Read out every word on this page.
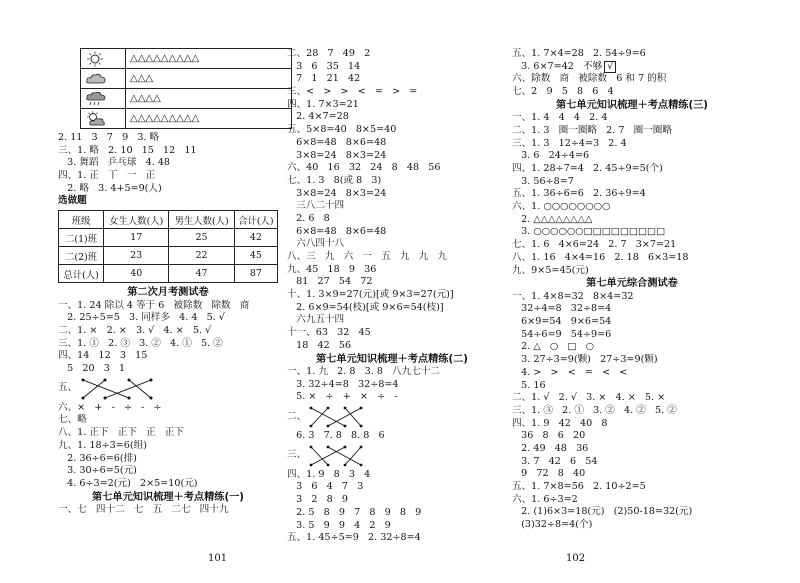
	△△△△△△△△△

	△△△

	△△△△

	△△△△△△△△△
2. 11   3   7   9   3. 略
三、1. 略   2. 10   15   12   11
3. 舞蹈   乒乓球   4. 48
四、1. 正   丅   一   正
2. 略   3. 4+5=9(人)
选做题
班级	女生人数(人)	男生人数(人)	合计(人)
二(1)班	17	25	42
二(2)班	23	22	45
总计(人)	40	47	87
第二次月考测试卷
一、1. 24 除以 4 等于 6   被除数   除数   商
2. 25÷5=5   3. 同样多   4. 4   5. √
二、1. ×   2. ×   3. √   4. ×   5. √
三、1. ①   2. ③   3. ②   4. ①   5. ②
四、14   12   3   15
5   20   3   1
五、
六、×   +   -   ÷   -   ÷
七、略
八、1. 正下   正下   正   正下
九、1. 18÷3=6(组)
2. 36÷6=6(排)
3. 30÷6=5(元)
4. 6÷3=2(元)   2×5=10(元)
第七单元知识梳理＋考点精练(一)
一、七   四十二   七   五   二七   四十九
二、28   7   49   2
3   6   35   14
7   1   21   42
三、<   >   >   <   =   >   =
四、1. 7×3=21
2. 4×7=28
五、5×8=40   8×5=40
6×8=48   8×6=48
3×8=24   8×3=24
六、40   16   32   24   8   48   56
七、1. 3   8(或 8   3)
3×8=24   8×3=24
三八二十四
2. 6   8
6×8=48   8×6=48
六八四十八
八、三   九   六   一   五   九   九   九
九、45   18   9   36
81   27   54   72
十、1. 3×9=27(元)[或 9×3=27(元)]
2. 6×9=54(枝)[或 9×6=54(枝)]
六九五十四
十一、63   32   45
18   42   56
第七单元知识梳理＋考点精练(二)
一、1. 九   2. 8   3. 8   八九七十二
3. 32÷4=8   32÷8=4
5. ×   ÷   +   ×   ÷   -
二、
6. 3   7. 8   8. 8   6
三、
四、1. 9   8   3   4
3   6   4   7   3
3   2   8   9
2. 5   8   9   7   8   9   8   9
3. 5   9   9   4   2   9
五、1. 45÷5=9   2. 32÷8=4
五、1. 7×4=28   2. 54÷9=6
3. 6×7=42   不够 √
六、除数   商   被除数   6 和 7 的积
七、2   9   5   8   6   4
第七单元知识梳理＋考点精练(三)
一、1. 4   4   4   2. 4
二、1. 3   圈一圈略   2. 7   圈一圈略
三、1. 3   12÷4=3   2. 4
3. 6   24÷4=6
四、1. 28÷7=4   2. 45÷9=5(个)
3. 56÷8=7
五、1. 36÷6=6   2. 36÷9=4
六、1. ○○○○○○○○
2. △△△△△△△△
3. ○○○○○○□□□□□□□□□
七、1. 6   4×6=24   2. 7   3×7=21
八、1. 16   4×4=16   2. 18   6×3=18
九、9×5=45(元)
第七单元综合测试卷
一、1. 4×8=32   8×4=32
32÷4=8   32÷8=4
6×9=54   9×6=54
54÷6=9   54÷9=6
2. △   ○   □   ○
3. 27÷3=9(颗)   27÷3=9(颗)
4. >   >   <   =   <   <
5. 16
二、1. √   2. √   3. ×   4. ×   5. ×
三、1. ③   2. ①   3. ②   4. ②   5. ②
四、1. 9   42   40   8
36   8   6   20
2. 49   48   36
3. 7   42   6   54
9   72   8   40
五、1. 7×8=56   2. 10÷2=5
六、1. 6÷3=2
2. (1)6×3=18(元)   (2)50-18=32(元)
(3)32÷8=4(个)
101	102
